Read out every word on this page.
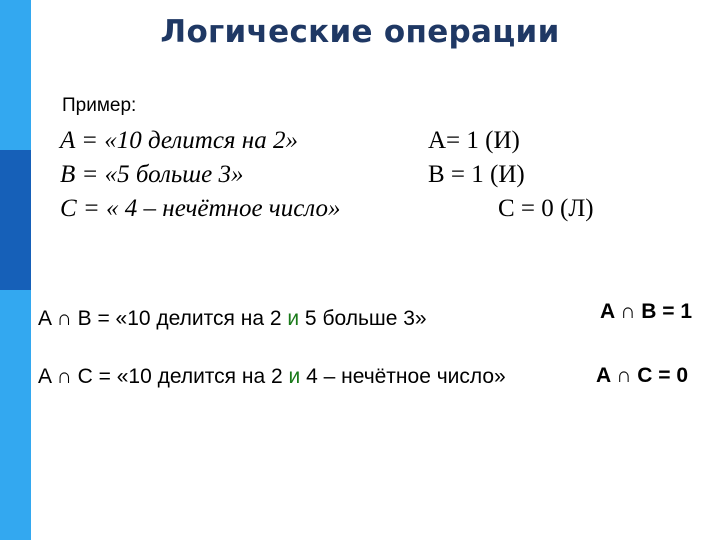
Логические операции
Пример:
A = «10 делится на 2»
B = «5 больше 3»
C = « 4 – нечётное число»
A= 1 (И)
B = 1 (И)
C = 0 (Л)
A ∩ B = «10 делится на 2 и 5 больше 3»	A ∩ B = 1
A ∩ C = «10 делится на 2 и 4 – нечётное число»	A ∩ C = 0
